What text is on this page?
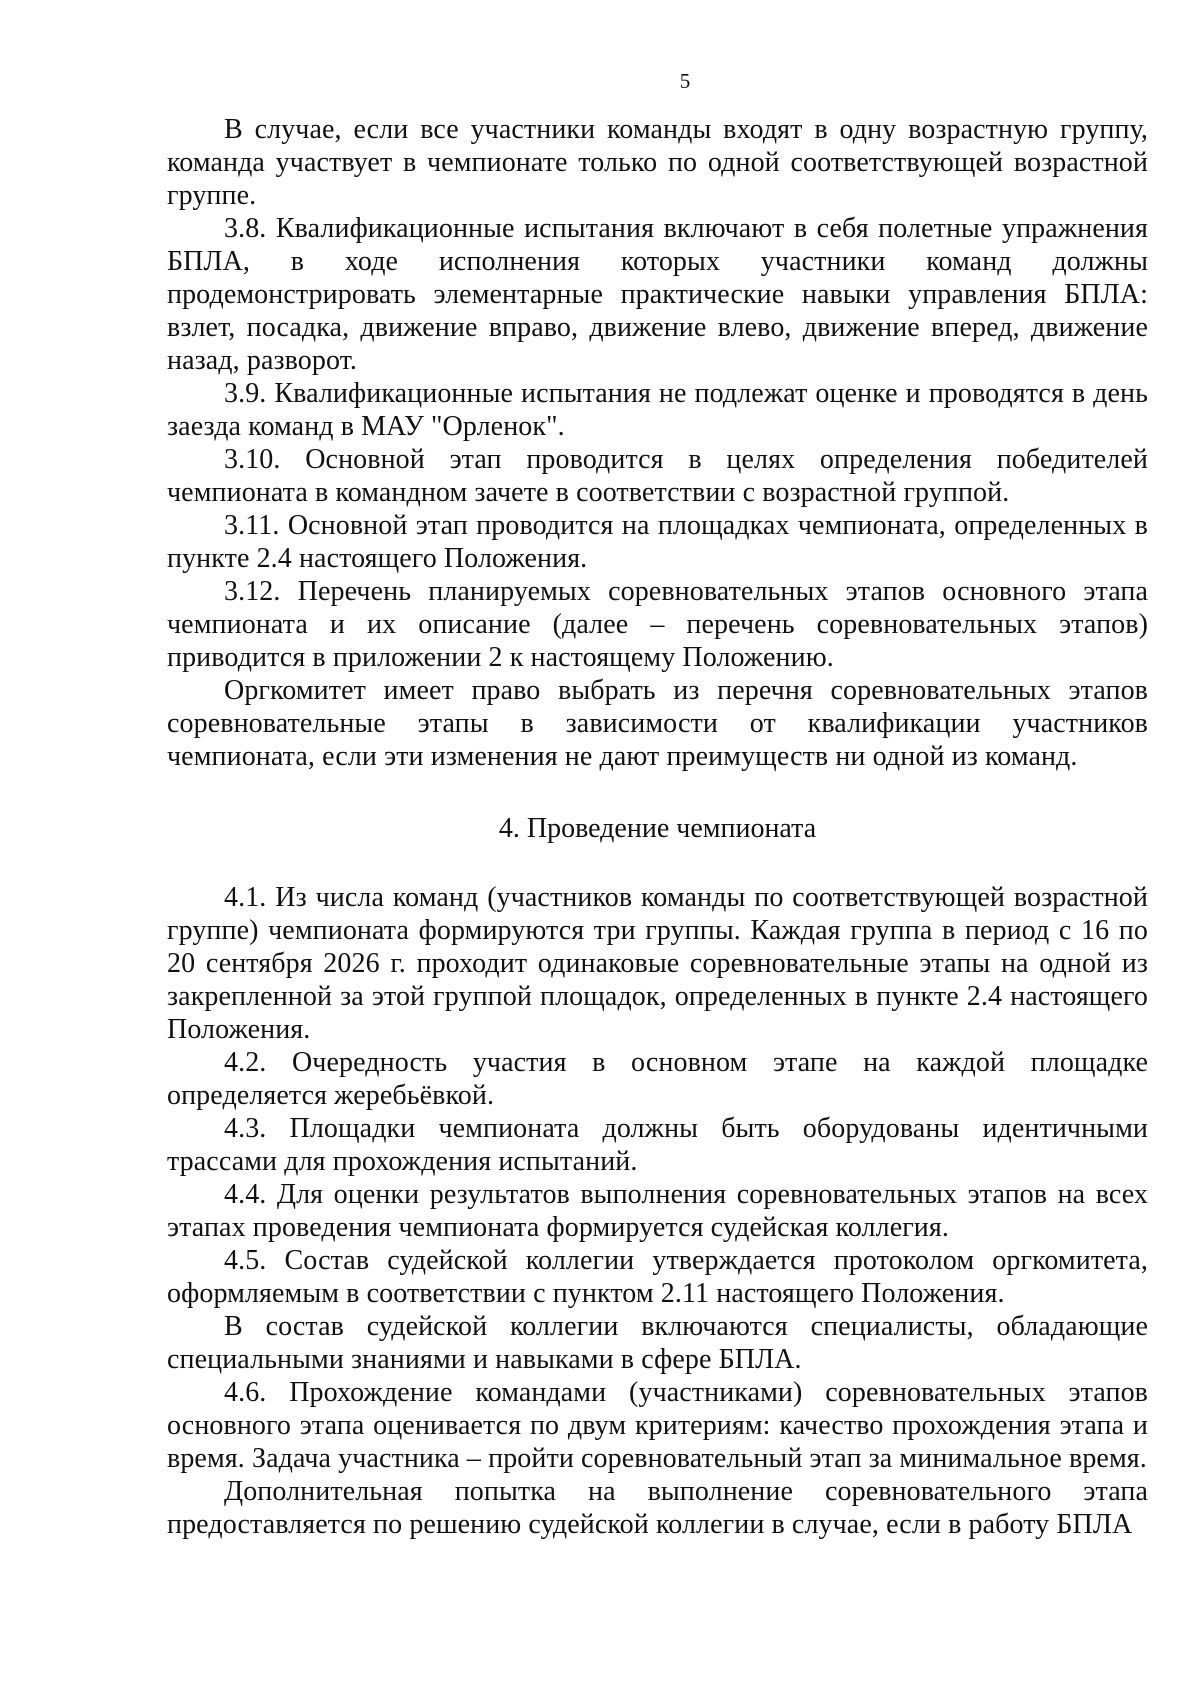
5

В случае, если все участники команды входят в одну возрастную группу, команда участвует в чемпионате только по одной соответствующей возрастной группе.

3.8. Квалификационные испытания включают в себя полетные упражнения БПЛА, в ходе исполнения которых участники команд должны продемонстрировать элементарные практические навыки управления БПЛА: взлет, посадка, движение вправо, движение влево, движение вперед, движение назад, разворот.

3.9. Квалификационные испытания не подлежат оценке и проводятся в день заезда команд в МАУ "Орленок".

3.10. Основной этап проводится в целях определения победителей чемпионата в командном зачете в соответствии с возрастной группой.

3.11. Основной этап проводится на площадках чемпионата, определенных в пункте 2.4 настоящего Положения.

3.12. Перечень планируемых соревновательных этапов основного этапа чемпионата и их описание (далее – перечень соревновательных этапов) приводится в приложении 2 к настоящему Положению.

Оргкомитет имеет право выбрать из перечня соревновательных этапов соревновательные этапы в зависимости от квалификации участников чемпионата, если эти изменения не дают преимуществ ни одной из команд.

4. Проведение чемпионата

4.1. Из числа команд (участников команды по соответствующей возрастной группе) чемпионата формируются три группы. Каждая группа в период с 16 по 20 сентября 2026 г. проходит одинаковые соревновательные этапы на одной из закрепленной за этой группой площадок, определенных в пункте 2.4 настоящего Положения.

4.2. Очередность участия в основном этапе на каждой площадке определяется жеребьёвкой.

4.3. Площадки чемпионата должны быть оборудованы идентичными трассами для прохождения испытаний.

4.4. Для оценки результатов выполнения соревновательных этапов на всех этапах проведения чемпионата формируется судейская коллегия.

4.5. Состав судейской коллегии утверждается протоколом оргкомитета, оформляемым в соответствии с пунктом 2.11 настоящего Положения.

В состав судейской коллегии включаются специалисты, обладающие специальными знаниями и навыками в сфере БПЛА.

4.6. Прохождение командами (участниками) соревновательных этапов основного этапа оценивается по двум критериям: качество прохождения этапа и время. Задача участника – пройти соревновательный этап за минимальное время.

Дополнительная попытка на выполнение соревновательного этапа предоставляется по решению судейской коллегии в случае, если в работу БПЛА
